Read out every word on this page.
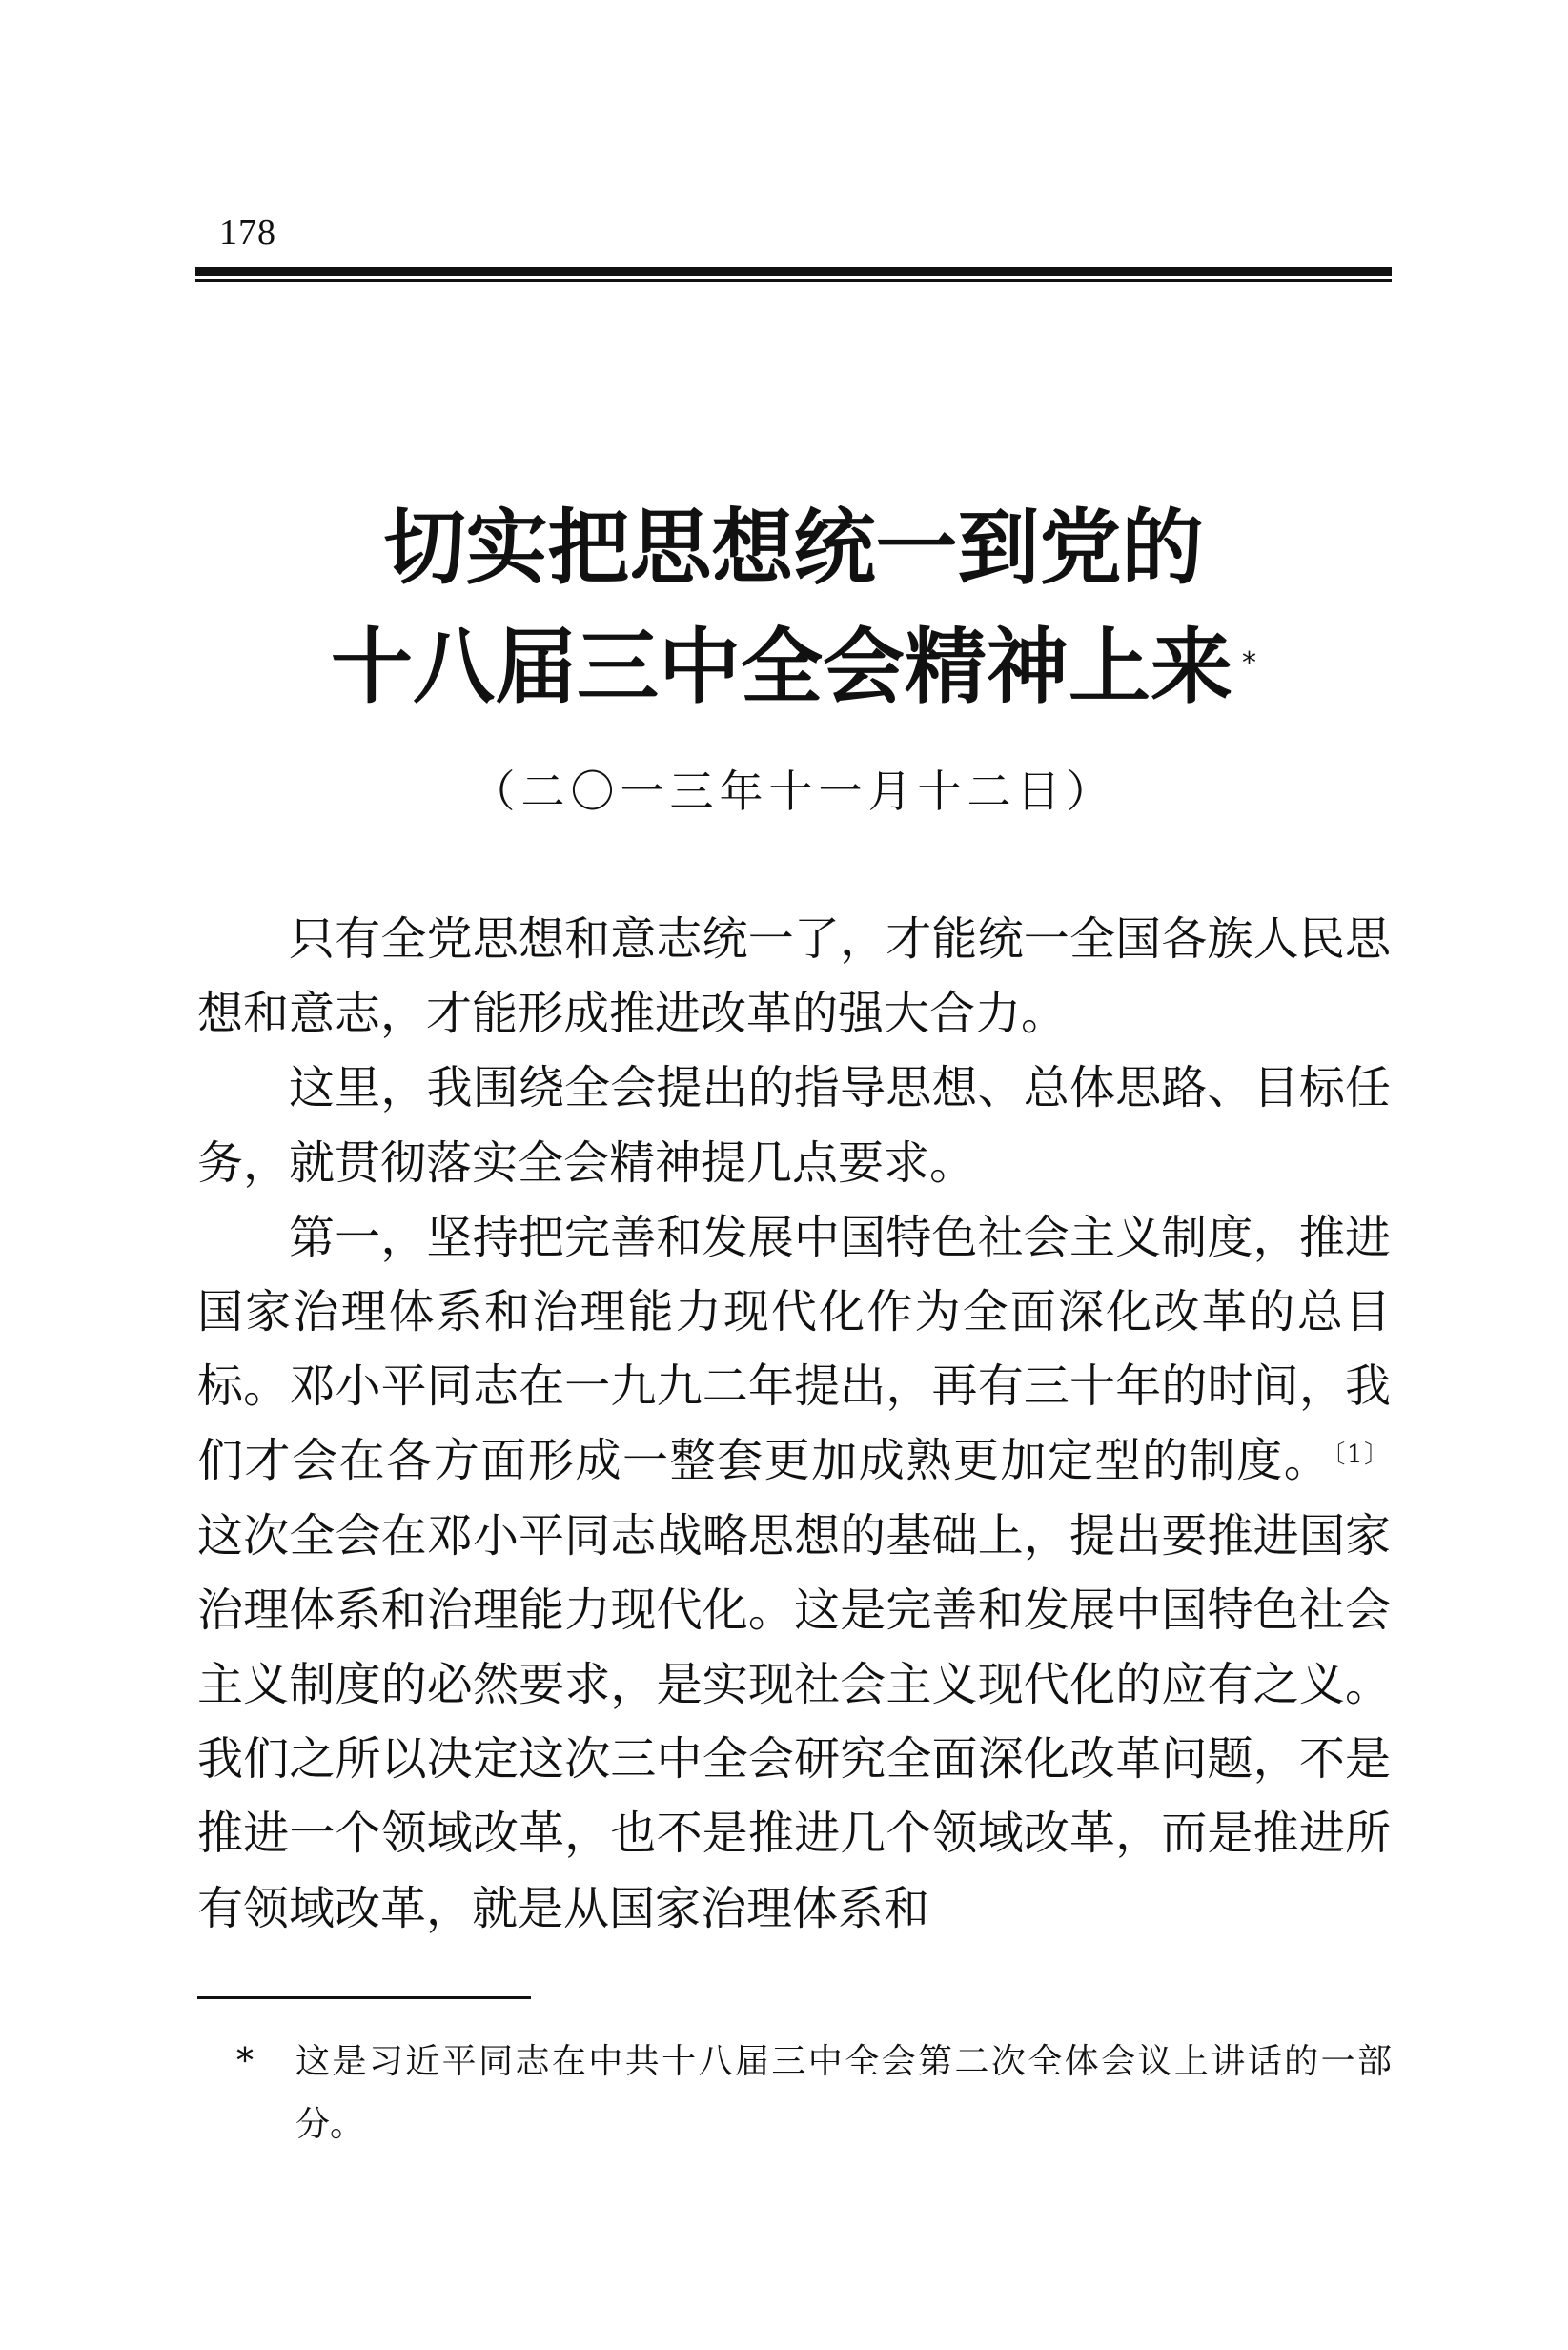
178
切实把思想统一到党的
十八届三中全会精神上来 *
（二〇一三年十一月十二日）

只有全党思想和意志统一了，才能统一全国各族人民思想和意志，才能形成推进改革的强大合力。

这里，我围绕全会提出的指导思想、总体思路、目标任务，就贯彻落实全会精神提几点要求。

第一，坚持把完善和发展中国特色社会主义制度，推进国家治理体系和治理能力现代化作为全面深化改革的总目标。邓小平同志在一九九二年提出，再有三十年的时间，我们才会在各方面形成一整套更加成熟更加定型的制度。$^{〔1〕}$这次全会在邓小平同志战略思想的基础上，提出要推进国家治理体系和治理能力现代化。这是完善和发展中国特色社会主义制度的必然要求，是实现社会主义现代化的应有之义。我们之所以决定这次三中全会研究全面深化改革问题，不是推进一个领域改革，也不是推进几个领域改革，而是推进所有领域改革，就是从国家治理体系和

*	这是习近平同志在中共十八届三中全会第二次全体会议上讲话的一部分。
